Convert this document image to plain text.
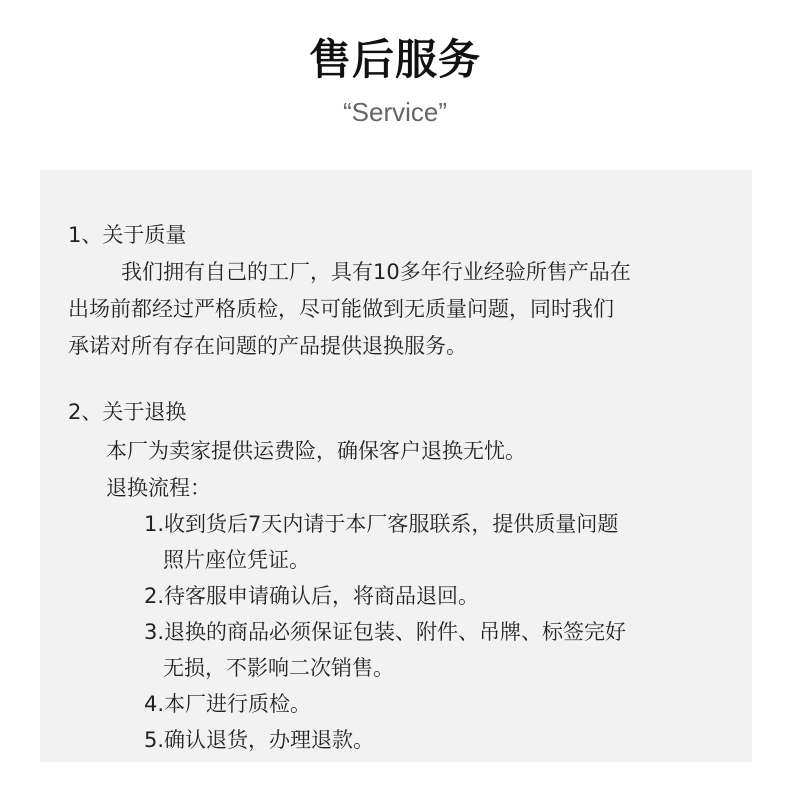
售后服务
“Service”
1、关于质量
我们拥有自己的工厂，具有10多年行业经验所售产品在
出场前都经过严格质检，尽可能做到无质量问题，同时我们
承诺对所有存在问题的产品提供退换服务。
2、关于退换
本厂为卖家提供运费险，确保客户退换无忧。
退换流程：
1.收到货后7天内请于本厂客服联系，提供质量问题
照片座位凭证。
2.待客服申请确认后，将商品退回。
3.退换的商品必须保证包装、附件、吊牌、标签完好
无损，不影响二次销售。
4.本厂进行质检。
5.确认退货，办理退款。
